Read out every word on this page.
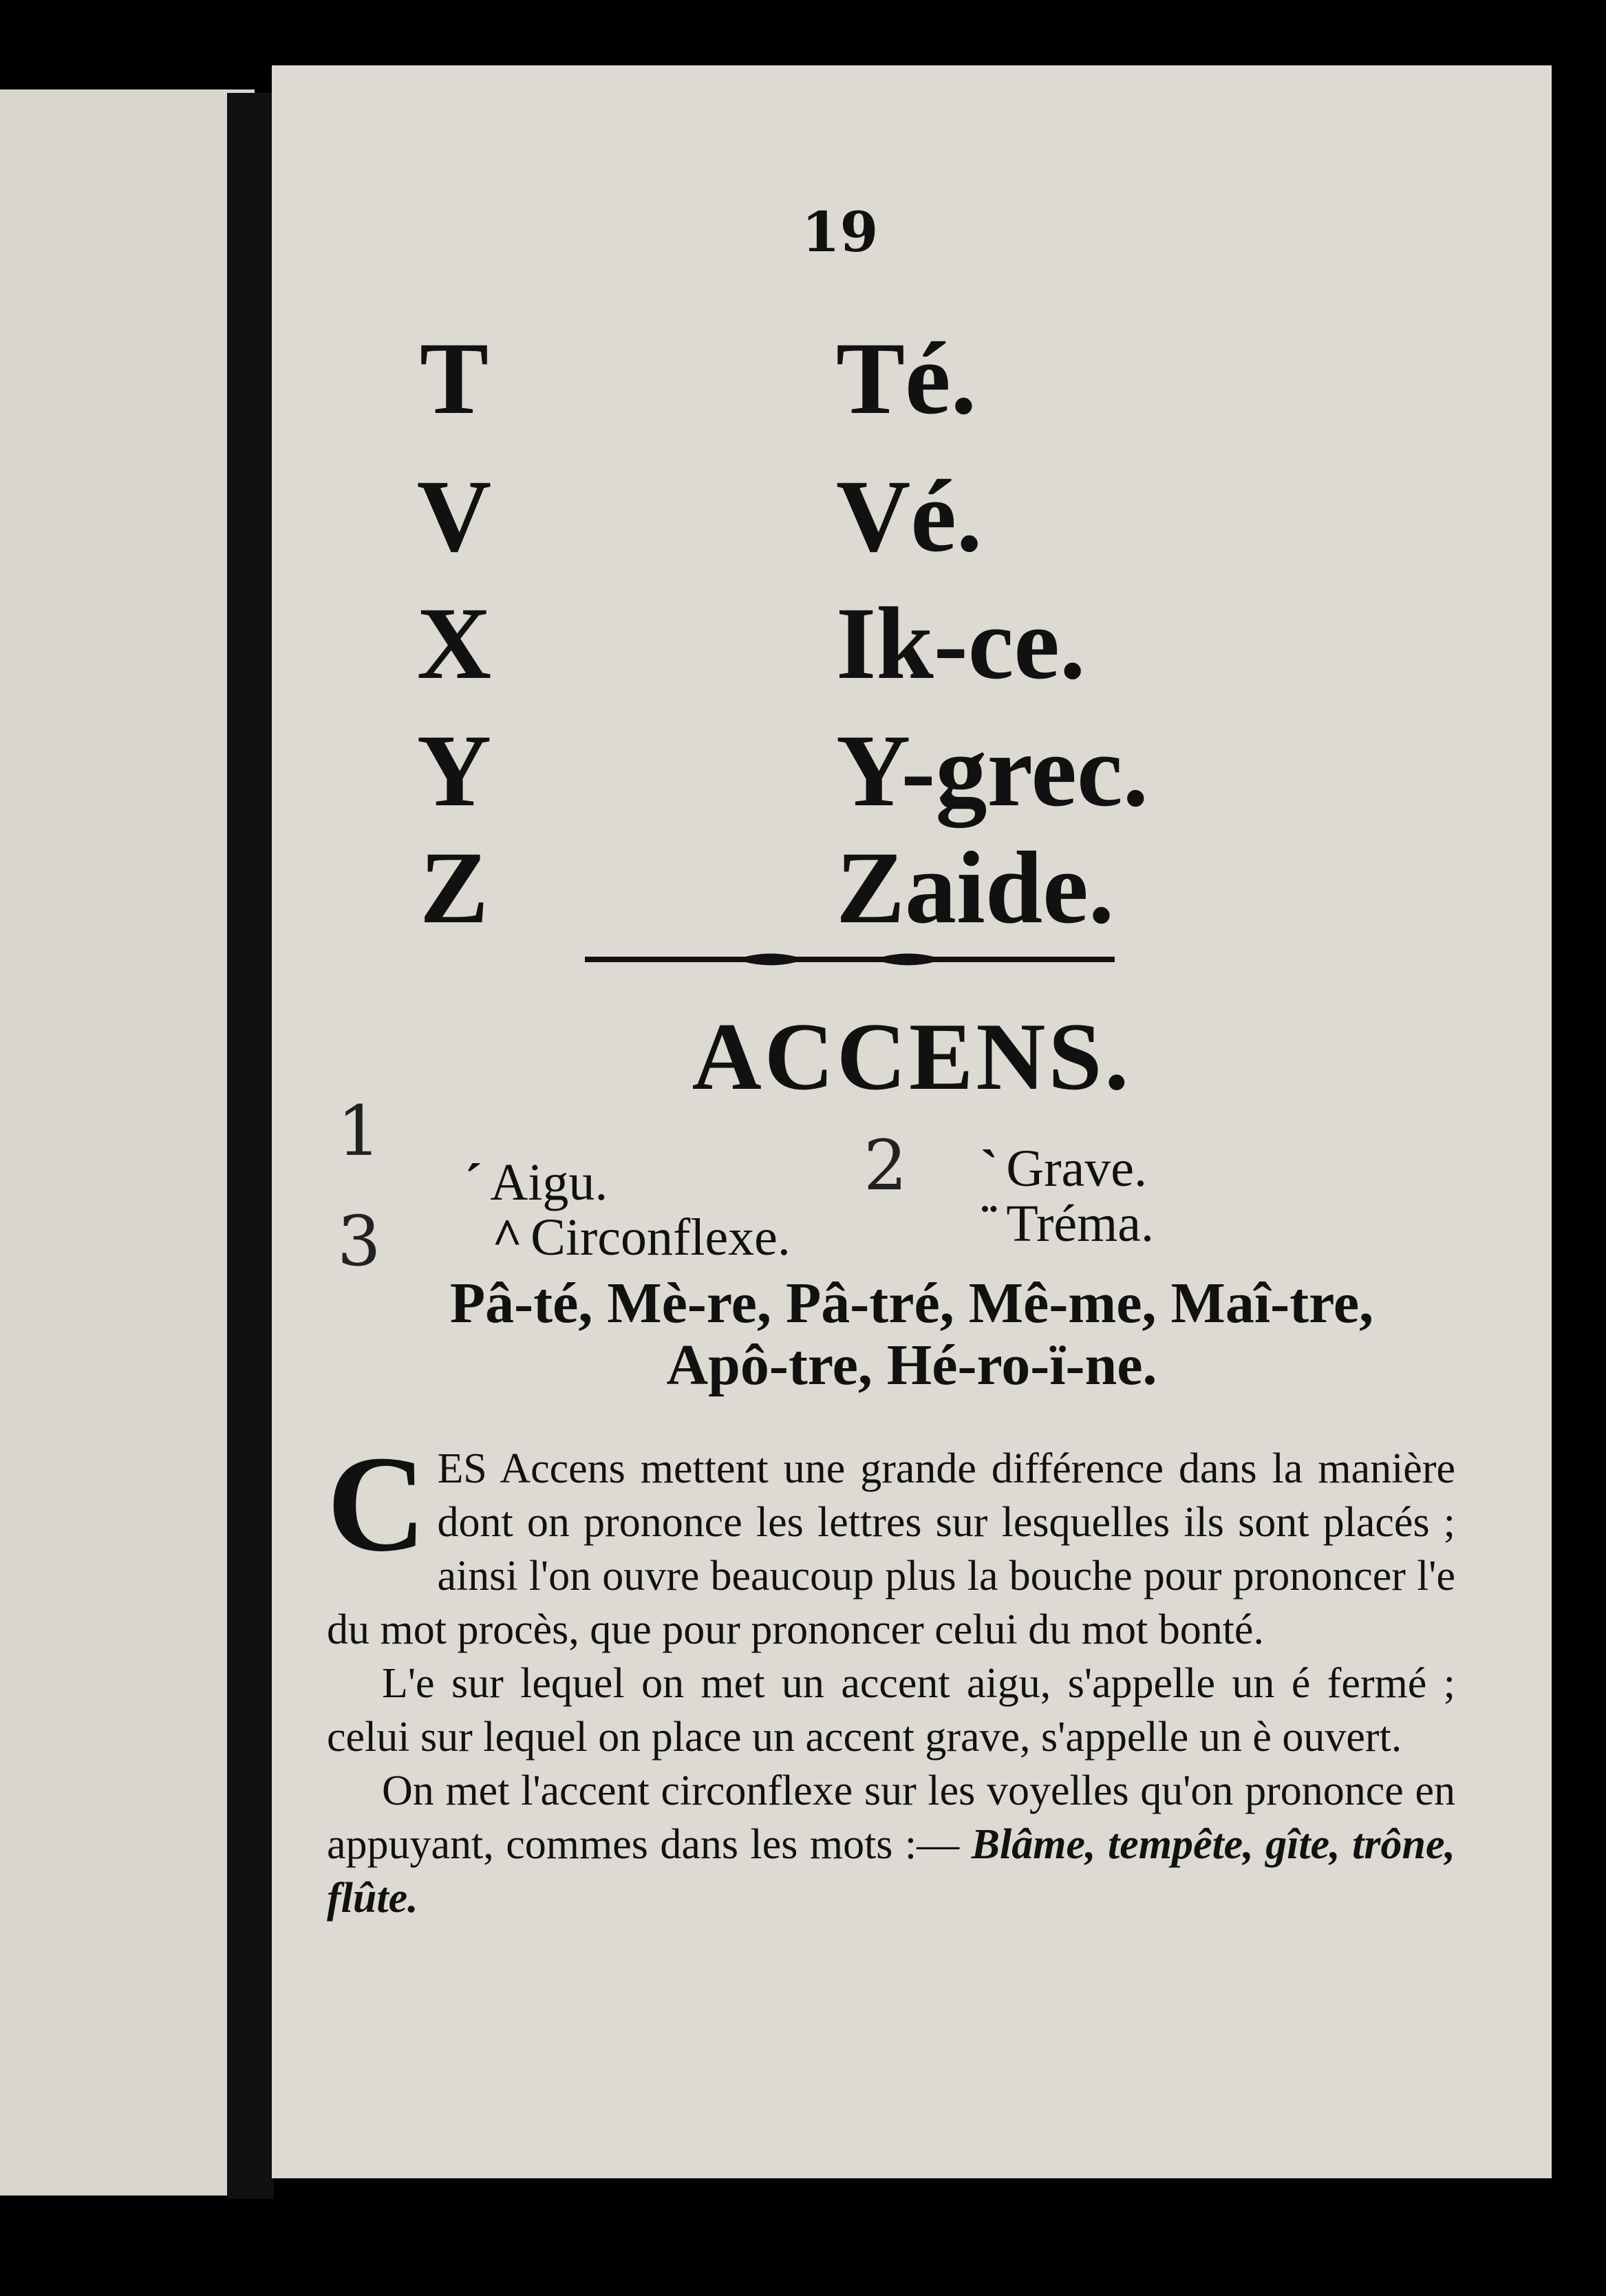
19
T	Té.
V	Vé.
X	Ik-ce.
Y	Y-grec.
Z	Zaide.
ACCENS.
1
´ Aigu.	2 ` Grave.
3 ^ Circonflexe.	¨ Tréma.
Pâ-té, Mè-re, Pâ-tré, Mê-me, Maî-tre,
Apô-tre, Hé-ro-ï-ne.

CES Accens mettent une grande différence dans la manière dont on prononce les lettres sur lesquelles ils sont placés ; ainsi l'on ouvre beaucoup plus la bouche pour prononcer l'e du mot procès, que pour prononcer celui du mot bonté.

L'e sur lequel on met un accent aigu, s'appelle un é fermé ; celui sur lequel on place un accent grave, s'appelle un è ouvert.

On met l'accent circonflexe sur les voyelles qu'on prononce en appuyant, commes dans les mots :— Blâme, tempête, gîte, trône, flûte.
